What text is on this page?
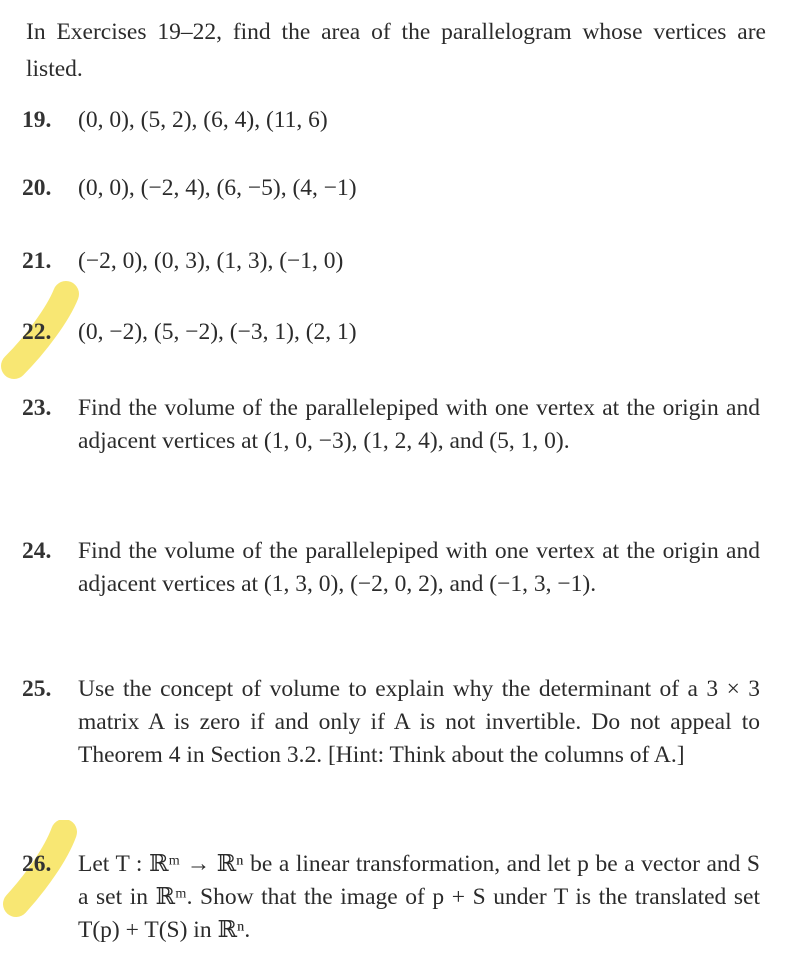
In Exercises 19–22, find the area of the parallelogram whose vertices are listed.
19. (0, 0), (5, 2), (6, 4), (11, 6)
20. (0, 0), (−2, 4), (6, −5), (4, −1)
21. (−2, 0), (0, 3), (1, 3), (−1, 0)
22. (0, −2), (5, −2), (−3, 1), (2, 1)
23. Find the volume of the parallelepiped with one vertex at the origin and adjacent vertices at (1, 0, −3), (1, 2, 4), and (5, 1, 0).
24. Find the volume of the parallelepiped with one vertex at the origin and adjacent vertices at (1, 3, 0), (−2, 0, 2), and (−1, 3, −1).
25. Use the concept of volume to explain why the determinant of a 3 × 3 matrix A is zero if and only if A is not invertible. Do not appeal to Theorem 4 in Section 3.2. [Hint: Think about the columns of A.]
26. Let T : ℝᵐ → ℝⁿ be a linear transformation, and let p be a vector and S a set in ℝᵐ. Show that the image of p + S under T is the translated set T(p) + T(S) in ℝⁿ.
